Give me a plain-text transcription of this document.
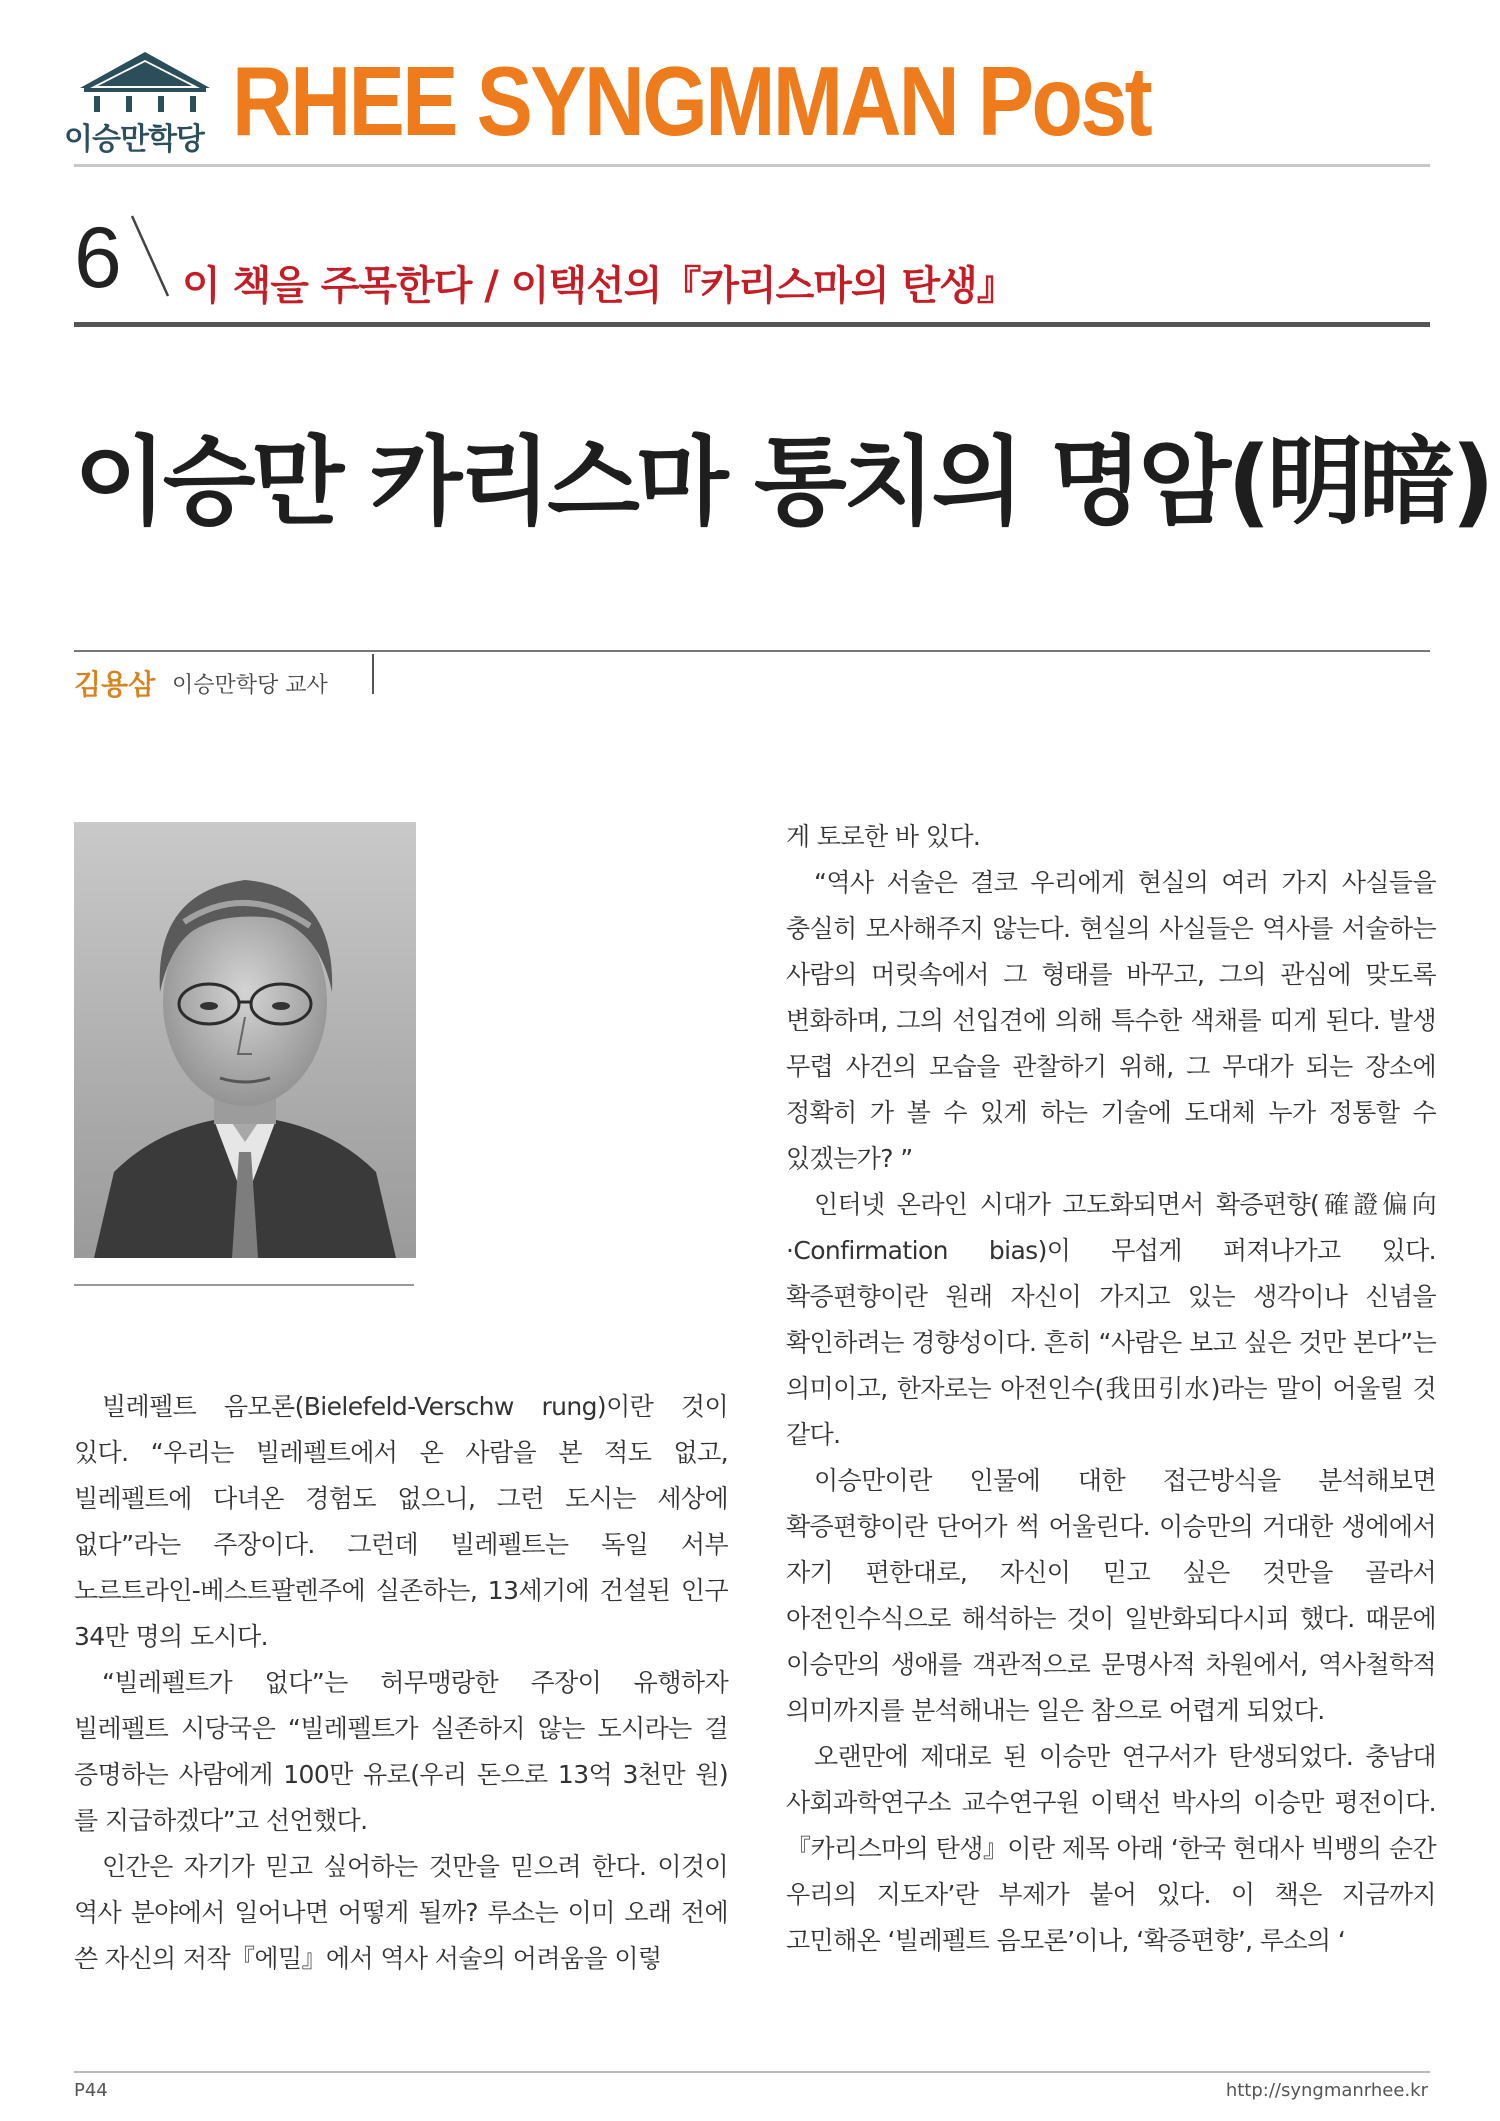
이승만학당 RHEE SYNGMMAN Post
6 이 책을 주목한다 / 이택선의『카리스마의 탄생』
이승만 카리스마 통치의 명암(明暗)
김용삼 이승만학당 교사

빌레펠트 음모론(Bielefeld-Verschw rung)이란 것이 있다. “우리는 빌레펠트에서 온 사람을 본 적도 없고, 빌레펠트에 다녀온 경험도 없으니, 그런 도시는 세상에 없다”라는 주장이다. 그런데 빌레펠트는 독일 서부 노르트라인-베스트팔렌주에 실존하는, 13세기에 건설된 인구 34만 명의 도시다.

“빌레펠트가 없다”는 허무맹랑한 주장이 유행하자 빌레펠트 시당국은 “빌레펠트가 실존하지 않는 도시라는 걸 증명하는 사람에게 100만 유로(우리 돈으로 13억 3천만 원)를 지급하겠다”고 선언했다.

인간은 자기가 믿고 싶어하는 것만을 믿으려 한다. 이것이 역사 분야에서 일어나면 어떻게 될까? 루소는 이미 오래 전에 쓴 자신의 저작『에밀』에서 역사 서술의 어려움을 이렇

게 토로한 바 있다.

“역사 서술은 결코 우리에게 현실의 여러 가지 사실들을 충실히 모사해주지 않는다. 현실의 사실들은 역사를 서술하는 사람의 머릿속에서 그 형태를 바꾸고, 그의 관심에 맞도록 변화하며, 그의 선입견에 의해 특수한 색채를 띠게 된다. 발생 무렵 사건의 모습을 관찰하기 위해, 그 무대가 되는 장소에 정확히 가 볼 수 있게 하는 기술에 도대체 누가 정통할 수 있겠는가? ”

인터넷 온라인 시대가 고도화되면서 확증편향(確證偏向·Confirmation bias)이 무섭게 퍼져나가고 있다. 확증편향이란 원래 자신이 가지고 있는 생각이나 신념을 확인하려는 경향성이다. 흔히 “사람은 보고 싶은 것만 본다”는 의미이고, 한자로는 아전인수(我田引水)라는 말이 어울릴 것 같다.

이승만이란 인물에 대한 접근방식을 분석해보면 확증편향이란 단어가 썩 어울린다. 이승만의 거대한 생에에서 자기 편한대로, 자신이 믿고 싶은 것만을 골라서 아전인수식으로 해석하는 것이 일반화되다시피 했다. 때문에 이승만의 생애를 객관적으로 문명사적 차원에서, 역사철학적 의미까지를 분석해내는 일은 참으로 어렵게 되었다.

오랜만에 제대로 된 이승만 연구서가 탄생되었다. 충남대 사회과학연구소 교수연구원 이택선 박사의 이승만 평전이다.『카리스마의 탄생』이란 제목 아래 ‘한국 현대사 빅뱅의 순간 우리의 지도자’란 부제가 붙어 있다. 이 책은 지금까지 고민해온 ‘빌레펠트 음모론’이나, ‘확증편향’, 루소의 ‘

P44	http://syngmanrhee.kr
